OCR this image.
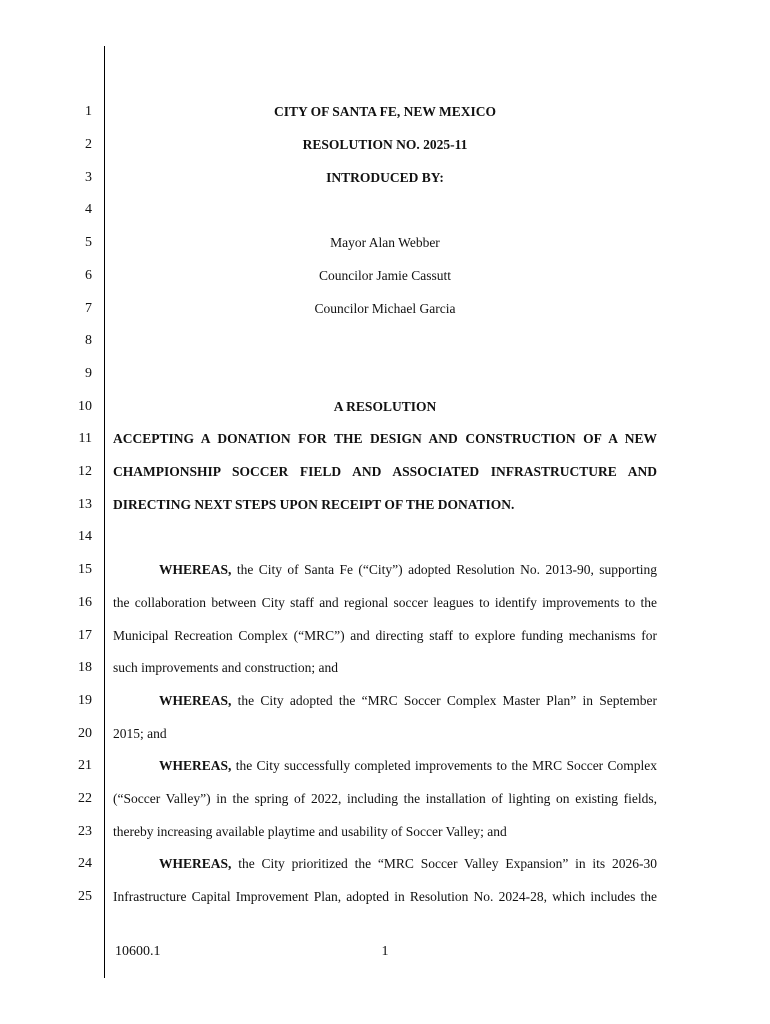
1
2
3
4
5
6
7
8
9
10
11
12
13
14
15
16
17
18
19
20
21
22
23
24
25
CITY OF SANTA FE, NEW MEXICO
RESOLUTION NO. 2025-11
INTRODUCED BY:
Mayor Alan Webber
Councilor Jamie Cassutt
Councilor Michael Garcia
A RESOLUTION
ACCEPTING A DONATION FOR THE DESIGN AND CONSTRUCTION OF A NEW
CHAMPIONSHIP SOCCER FIELD AND ASSOCIATED INFRASTRUCTURE AND
DIRECTING NEXT STEPS UPON RECEIPT OF THE DONATION.
WHEREAS, the City of Santa Fe (“City”) adopted Resolution No. 2013-90, supporting
the collaboration between City staff and regional soccer leagues to identify improvements to the
Municipal Recreation Complex (“MRC”) and directing staff to explore funding mechanisms for
such improvements and construction; and
WHEREAS, the City adopted the “MRC Soccer Complex Master Plan” in September
2015; and
WHEREAS, the City successfully completed improvements to the MRC Soccer Complex
(“Soccer Valley”) in the spring of 2022, including the installation of lighting on existing fields,
thereby increasing available playtime and usability of Soccer Valley; and
WHEREAS, the City prioritized the “MRC Soccer Valley Expansion” in its 2026-30
Infrastructure Capital Improvement Plan, adopted in Resolution No. 2024-28, which includes the
10600.1	1
